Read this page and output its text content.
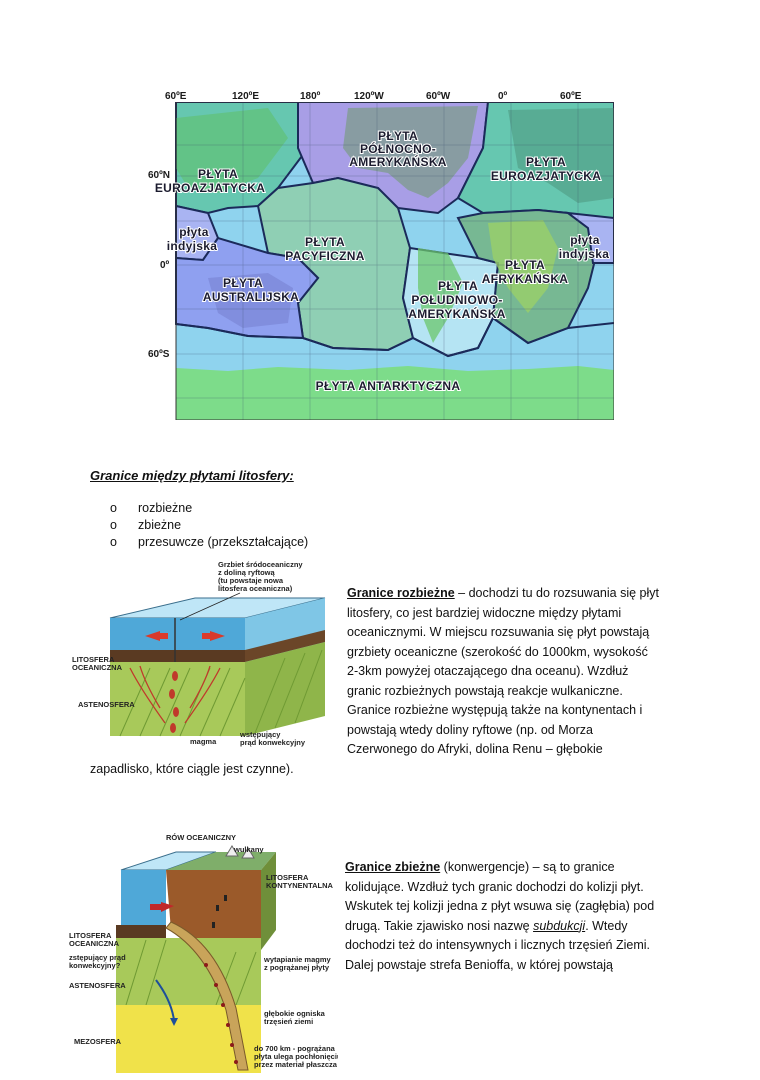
60ºE	120ºE	180º	120ºW	60ºW	0º	60ºE
60ºN
0º
60ºS
PŁYTA
PÓŁNOCNO-
AMERYKAŃSKA
PŁYTA
EUROAZJATYCKA
PŁYTA
EUROAZJATYCKA
płyta
indyjska	płyta
indyjska
PŁYTA
PACYFICZNA
PŁYTA
AFRYKAŃSKA
PŁYTA
AUSTRALIJSKA
PŁYTA
POŁUDNIOWO-
AMERYKAŃSKA
PŁYTA ANTARKTYCZNA
Granice między płytami litosfery:
o	rozbieżne
o	zbieżne
o	przesuwcze (przekształcające)
Grzbiet śródoceaniczny
z doliną ryftową
(tu powstaje nowa
litosfera oceaniczna)
LITOSFERA
OCEANICZNA
ASTENOSFERA
magma
wstępujący
prąd konwekcyjny
Granice rozbieżne – dochodzi tu do rozsuwania się płyt
litosfery, co jest bardziej widoczne między płytami
oceanicznymi. W miejscu rozsuwania się płyt powstają
grzbiety oceaniczne (szerokość do 1000km, wysokość
2-3km powyżej otaczającego dna oceanu). Wzdłuż
granic rozbieżnych powstają reakcje wulkaniczne.
Granice rozbieżne występują także na kontynentach i
powstają wtedy doliny ryftowe (np. od Morza
Czerwonego do Afryki, dolina Renu – głębokie
zapadlisko, które ciągle jest czynne).
RÓW OCEANICZNY
wulkany
LITOSFERA
KONTYNENTALNA
LITOSFERA
OCEANICZNA
zstępujący prąd
konwekcyjny?
ASTENOSFERA
wytapianie magmy
z pogrążanej płyty
głębokie ogniska
trzęsień ziemi
MEZOSFERA
do 700 km - pogrążana
płyta ulega pochłonięciu
przez materiał płaszcza
Granice zbieżne (konwergencje) – są to granice
kolidujące. Wzdłuż tych granic dochodzi do kolizji płyt.
Wskutek tej kolizji jedna z płyt wsuwa się (zagłębia) pod
drugą. Takie zjawisko nosi nazwę subdukcji. Wtedy
dochodzi też do intensywnych i licznych trzęsień Ziemi.
Dalej powstaje strefa Benioffa, w której powstają
